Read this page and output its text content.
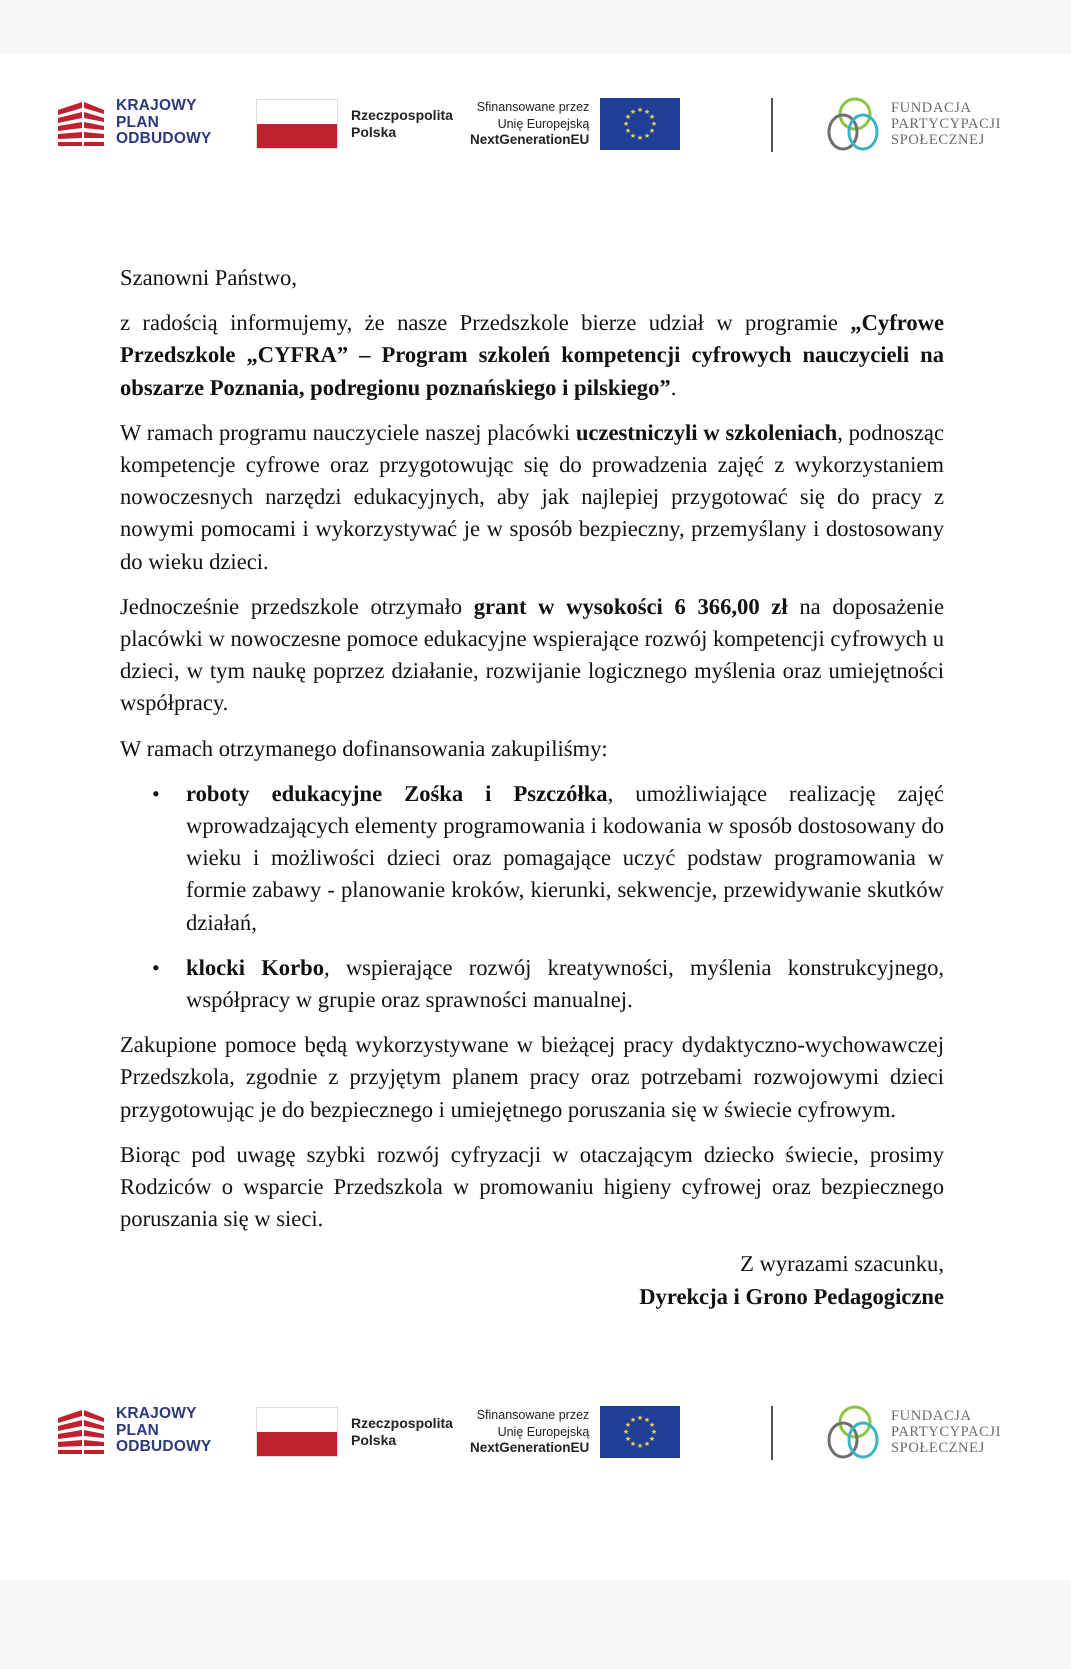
KRAJOWY
PLAN
ODBUDOWY
Rzeczpospolita
Polska
Sfinansowane przez
Unię Europejską
NextGenerationEU
★ ★
★
★
★
★
★
★
★
★
★
★	FUNDACJA
PARTYCYPACJI
SPOŁECZNEJ

Szanowni Państwo,

z radością informujemy, że nasze Przedszkole bierze udział w programie „Cyfrowe Przedszkole „CYFRA” – Program szkoleń kompetencji cyfrowych nauczycieli na obszarze Poznania, podregionu poznańskiego i pilskiego”.

W ramach programu nauczyciele naszej placówki uczestniczyli w szkoleniach, podnosząc kompetencje cyfrowe oraz przygotowując się do prowadzenia zajęć z wykorzystaniem nowoczesnych narzędzi edukacyjnych, aby jak najlepiej przygotować się do pracy z nowymi pomocami i wykorzystywać je w sposób bezpieczny, przemyślany i dostosowany do wieku dzieci.

Jednocześnie przedszkole otrzymało grant w wysokości 6 366,00 zł na doposażenie placówki w nowoczesne pomoce edukacyjne wspierające rozwój kompetencji cyfrowych u dzieci, w tym naukę poprzez działanie, rozwijanie logicznego myślenia oraz umiejętności współpracy.

W ramach otrzymanego dofinansowania zakupiliśmy:

• roboty edukacyjne Zośka i Pszczółka, umożliwiające realizację zajęć wprowadzających elementy programowania i kodowania w sposób dostosowany do wieku i możliwości dzieci oraz pomagające uczyć podstaw programowania w formie zabawy - planowanie kroków, kierunki, sekwencje, przewidywanie skutków działań,
• klocki Korbo, wspierające rozwój kreatywności, myślenia konstrukcyjnego, współpracy w grupie oraz sprawności manualnej.

Zakupione pomoce będą wykorzystywane w bieżącej pracy dydaktyczno-wychowawczej Przedszkola, zgodnie z przyjętym planem pracy oraz potrzebami rozwojowymi dzieci przygotowując je do bezpiecznego i umiejętnego poruszania się w świecie cyfrowym.

Biorąc pod uwagę szybki rozwój cyfryzacji w otaczającym dziecko świecie, prosimy Rodziców o wsparcie Przedszkola w promowaniu higieny cyfrowej oraz bezpiecznego poruszania się w sieci.

Z wyrazami szacunku,
Dyrekcja i Grono Pedagogiczne
KRAJOWY
PLAN
ODBUDOWY
Rzeczpospolita
Polska
Sfinansowane przez
Unię Europejską
NextGenerationEU
★ ★
★
★
★
★
★
★
★
★
★
★	FUNDACJA
PARTYCYPACJI
SPOŁECZNEJ
